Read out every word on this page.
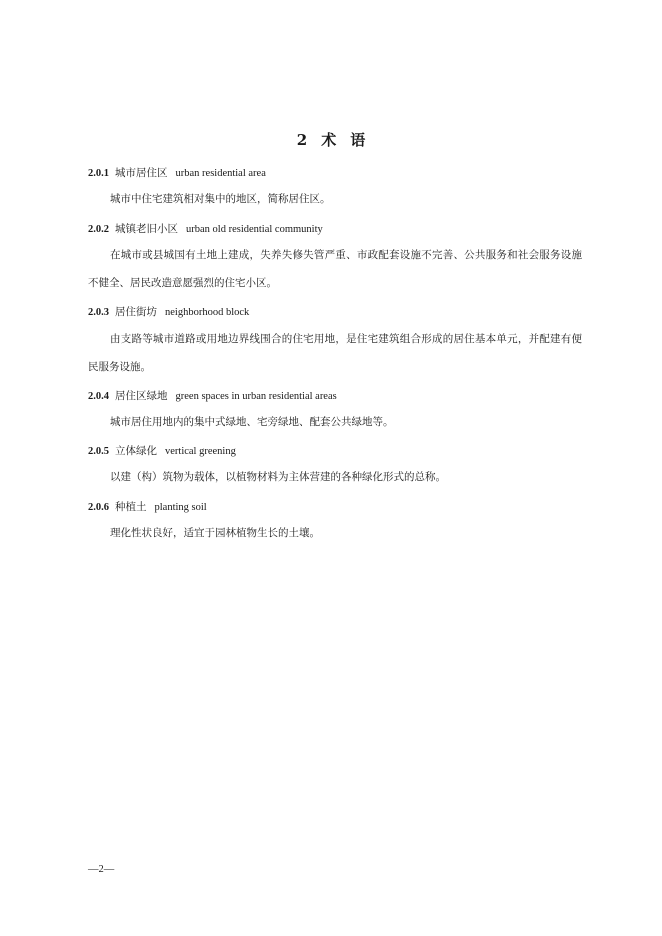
2 术 语
2.0.1 城市居住区 urban residential area
城市中住宅建筑相对集中的地区，简称居住区。
2.0.2 城镇老旧小区 urban old residential community
在城市或县城国有土地上建成，失养失修失管严重、市政配套设施不完善、公共服务和社会服务设施不健全、居民改造意愿强烈的住宅小区。
2.0.3 居住街坊 neighborhood block
由支路等城市道路或用地边界线围合的住宅用地，是住宅建筑组合形成的居住基本单元，并配建有便民服务设施。
2.0.4 居住区绿地 green spaces in urban residential areas
城市居住用地内的集中式绿地、宅旁绿地、配套公共绿地等。
2.0.5 立体绿化 vertical greening
以建（构）筑物为载体，以植物材料为主体营建的各种绿化形式的总称。
2.0.6 种植土 planting soil
理化性状良好，适宜于园林植物生长的土壤。
—2—
